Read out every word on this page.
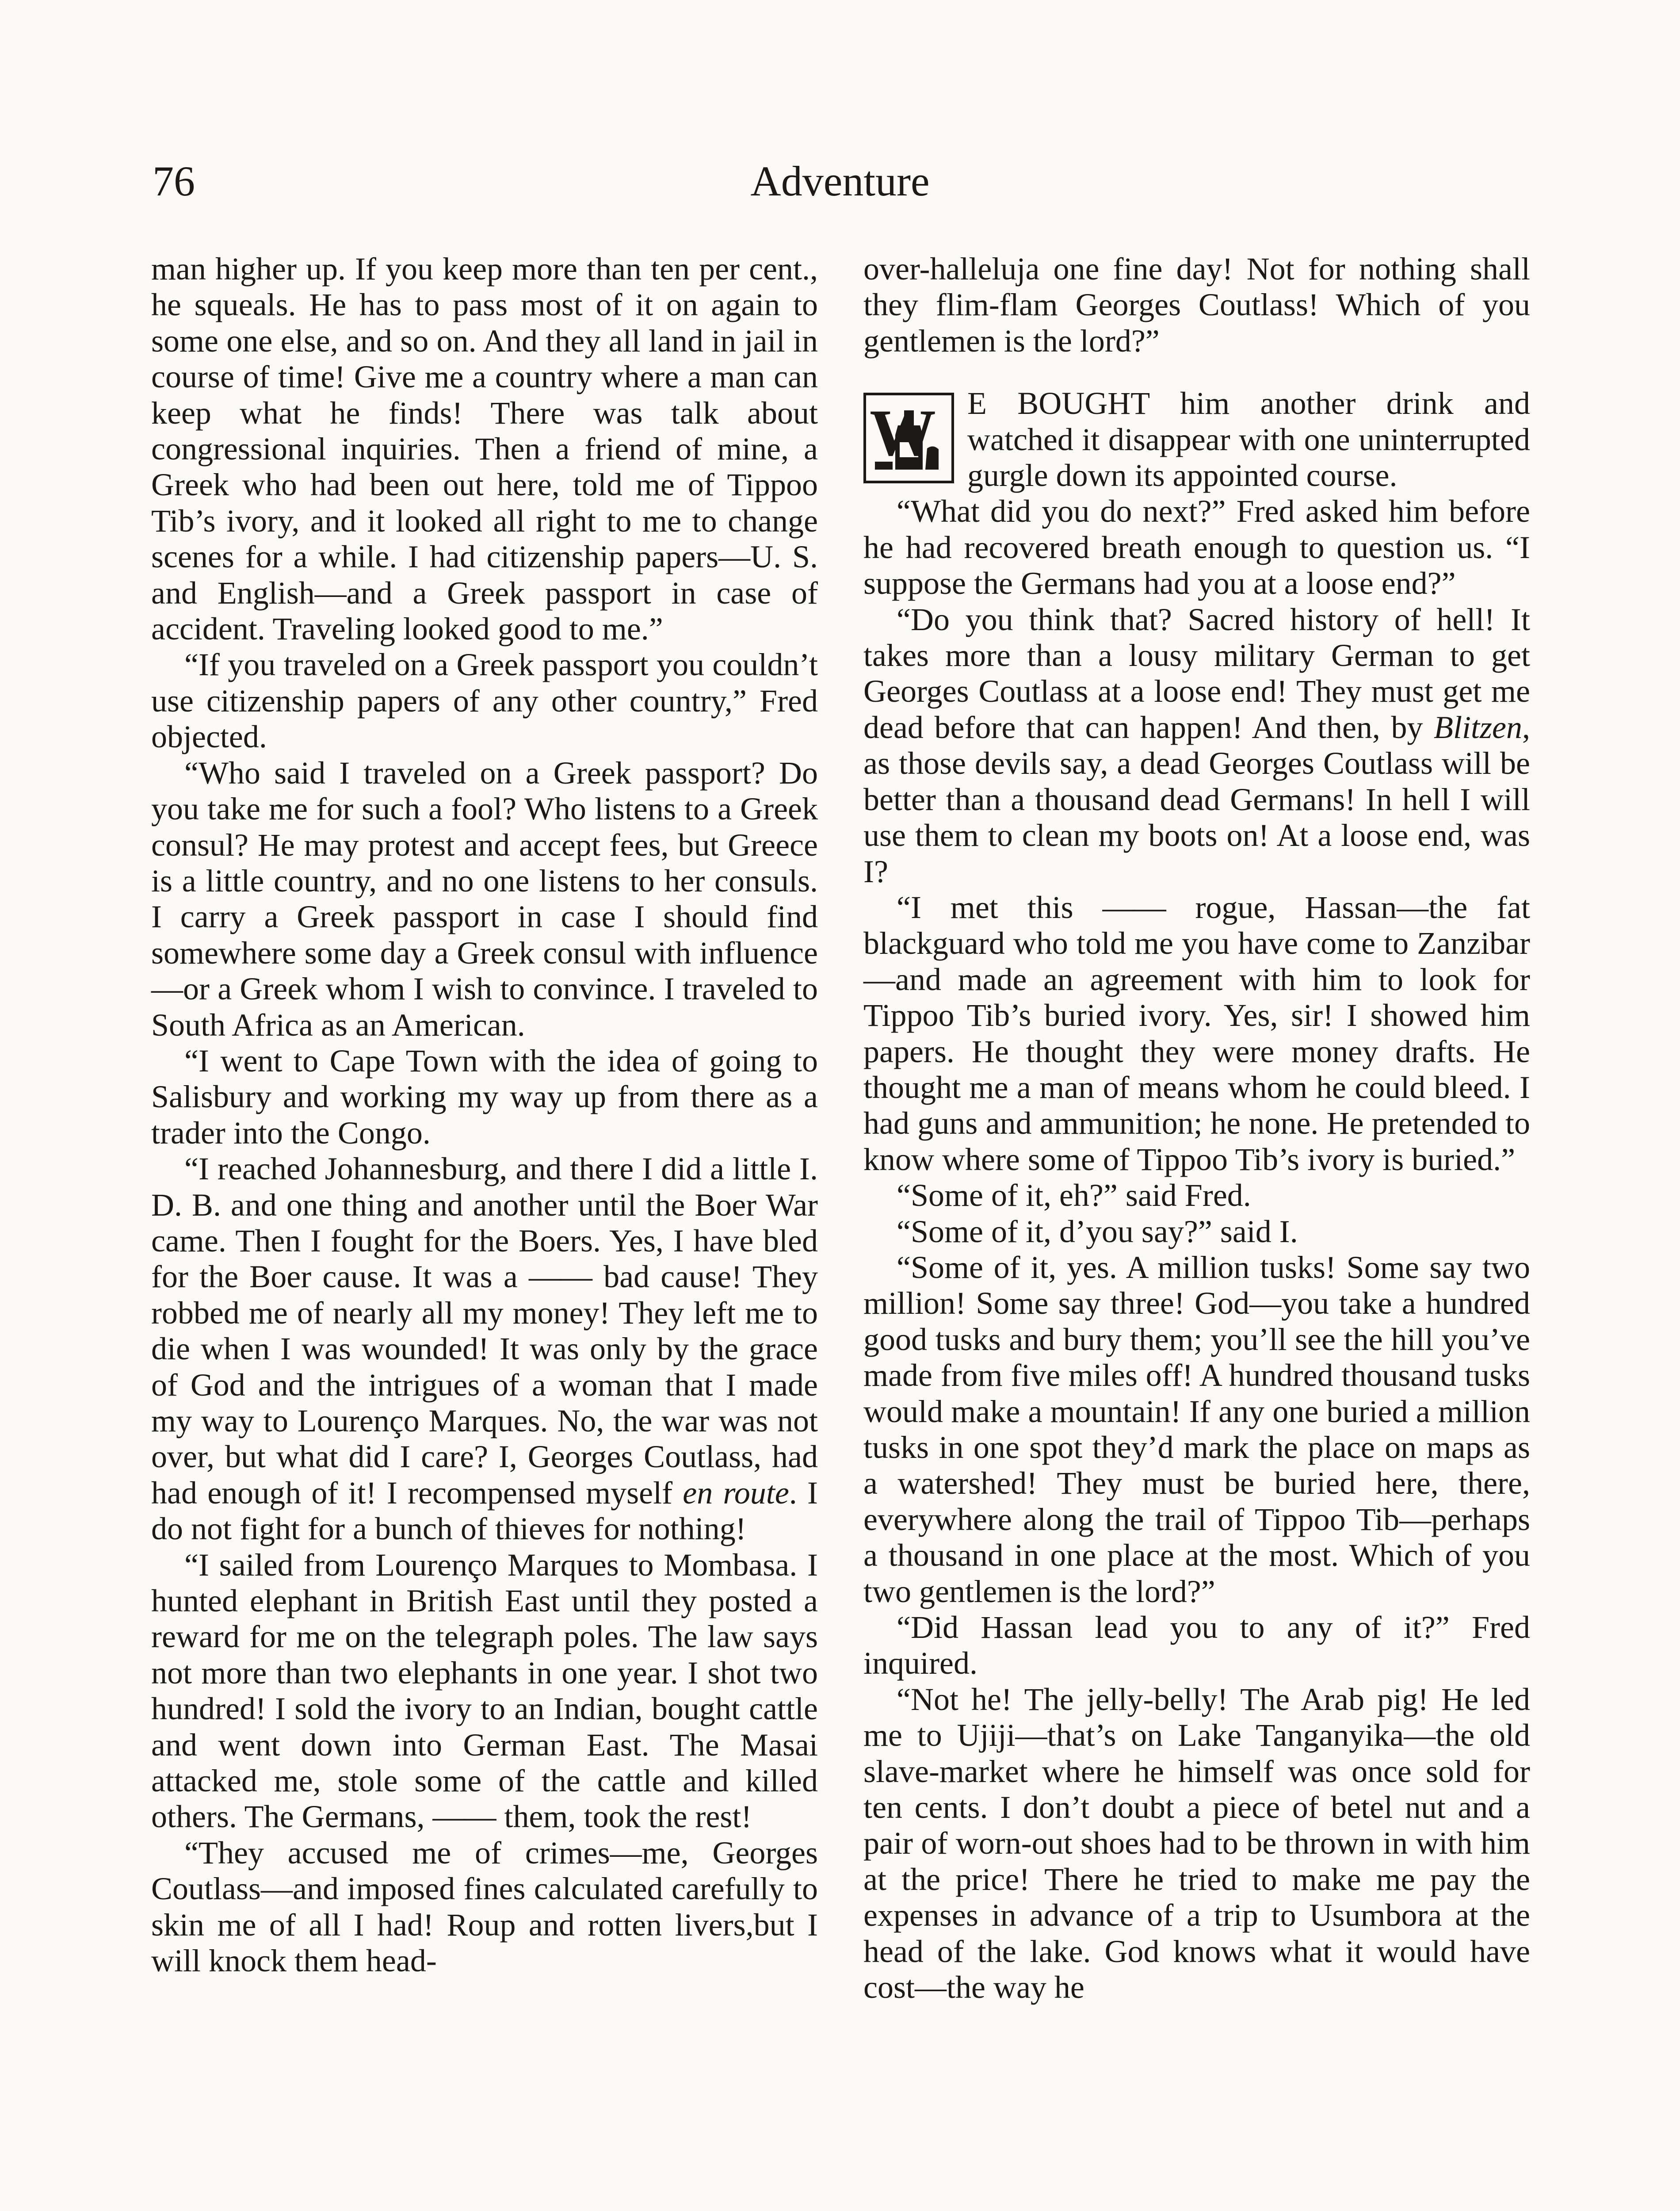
76	Adventure

man higher up. If you keep more than ten per cent., he squeals. He has to pass most of it on again to some one else, and so on. And they all land in jail in course of time! Give me a country where a man can keep what he finds! There was talk about congressional inquiries. Then a friend of mine, a Greek who had been out here, told me of Tippoo Tib’s ivory, and it looked all right to me to change scenes for a while. I had citizenship papers—U. S. and English—and a Greek passport in case of accident. Traveling looked good to me.”

“If you traveled on a Greek passport you couldn’t use citizenship papers of any other country,” Fred objected.

“Who said I traveled on a Greek passport? Do you take me for such a fool? Who listens to a Greek consul? He may protest and accept fees, but Greece is a little country, and no one listens to her consuls. I carry a Greek passport in case I should find somewhere some day a Greek consul with influence—or a Greek whom I wish to convince. I traveled to South Africa as an American.

“I went to Cape Town with the idea of going to Salisbury and working my way up from there as a trader into the Congo.

“I reached Johannesburg, and there I did a little I. D. B. and one thing and another until the Boer War came. Then I fought for the Boers. Yes, I have bled for the Boer cause. It was a —— bad cause! They robbed me of nearly all my money! They left me to die when I was wounded! It was only by the grace of God and the intrigues of a woman that I made my way to Lourenço Marques. No, the war was not over, but what did I care? I, Georges Coutlass, had had enough of it! I recompensed myself en route. I do not fight for a bunch of thieves for nothing!

“I sailed from Lourenço Marques to Mombasa. I hunted elephant in British East until they posted a reward for me on the telegraph poles. The law says not more than two elephants in one year. I shot two hundred! I sold the ivory to an Indian, bought cattle and went down into German East. The Masai attacked me, stole some of the cattle and killed others. The Germans, —— them, took the rest!

“They accused me of crimes—me, Georges Coutlass—and imposed fines calculated carefully to skin me of all I had! Roup and rotten livers,but I will knock them head-

over-halleluja one fine day! Not for nothing shall they flim-flam Georges Coutlass! Which of you gentlemen is the lord?”

W E BOUGHT him another drink and watched it disappear with one uninterrupted gurgle down its appointed course.

“What did you do next?” Fred asked him before he had recovered breath enough to question us. “I suppose the Germans had you at a loose end?”

“Do you think that? Sacred history of hell! It takes more than a lousy military German to get Georges Coutlass at a loose end! They must get me dead before that can happen! And then, by Blitzen, as those devils say, a dead Georges Coutlass will be better than a thousand dead Germans! In hell I will use them to clean my boots on! At a loose end, was I?

“I met this —— rogue, Hassan—the fat blackguard who told me you have come to Zanzibar—and made an agreement with him to look for Tippoo Tib’s buried ivory. Yes, sir! I showed him papers. He thought they were money drafts. He thought me a man of means whom he could bleed. I had guns and ammunition; he none. He pretended to know where some of Tippoo Tib’s ivory is buried.”

“Some of it, eh?” said Fred.

“Some of it, d’you say?” said I.

“Some of it, yes. A million tusks! Some say two million! Some say three! God—you take a hundred good tusks and bury them; you’ll see the hill you’ve made from five miles off! A hundred thousand tusks would make a mountain! If any one buried a million tusks in one spot they’d mark the place on maps as a watershed! They must be buried here, there, everywhere along the trail of Tippoo Tib—perhaps a thousand in one place at the most. Which of you two gentlemen is the lord?”

“Did Hassan lead you to any of it?” Fred inquired.

“Not he! The jelly-belly! The Arab pig! He led me to Ujiji—that’s on Lake Tanganyika—the old slave-market where he himself was once sold for ten cents. I don’t doubt a piece of betel nut and a pair of worn-out shoes had to be thrown in with him at the price! There he tried to make me pay the expenses in advance of a trip to Usumbora at the head of the lake. God knows what it would have cost—the way he
